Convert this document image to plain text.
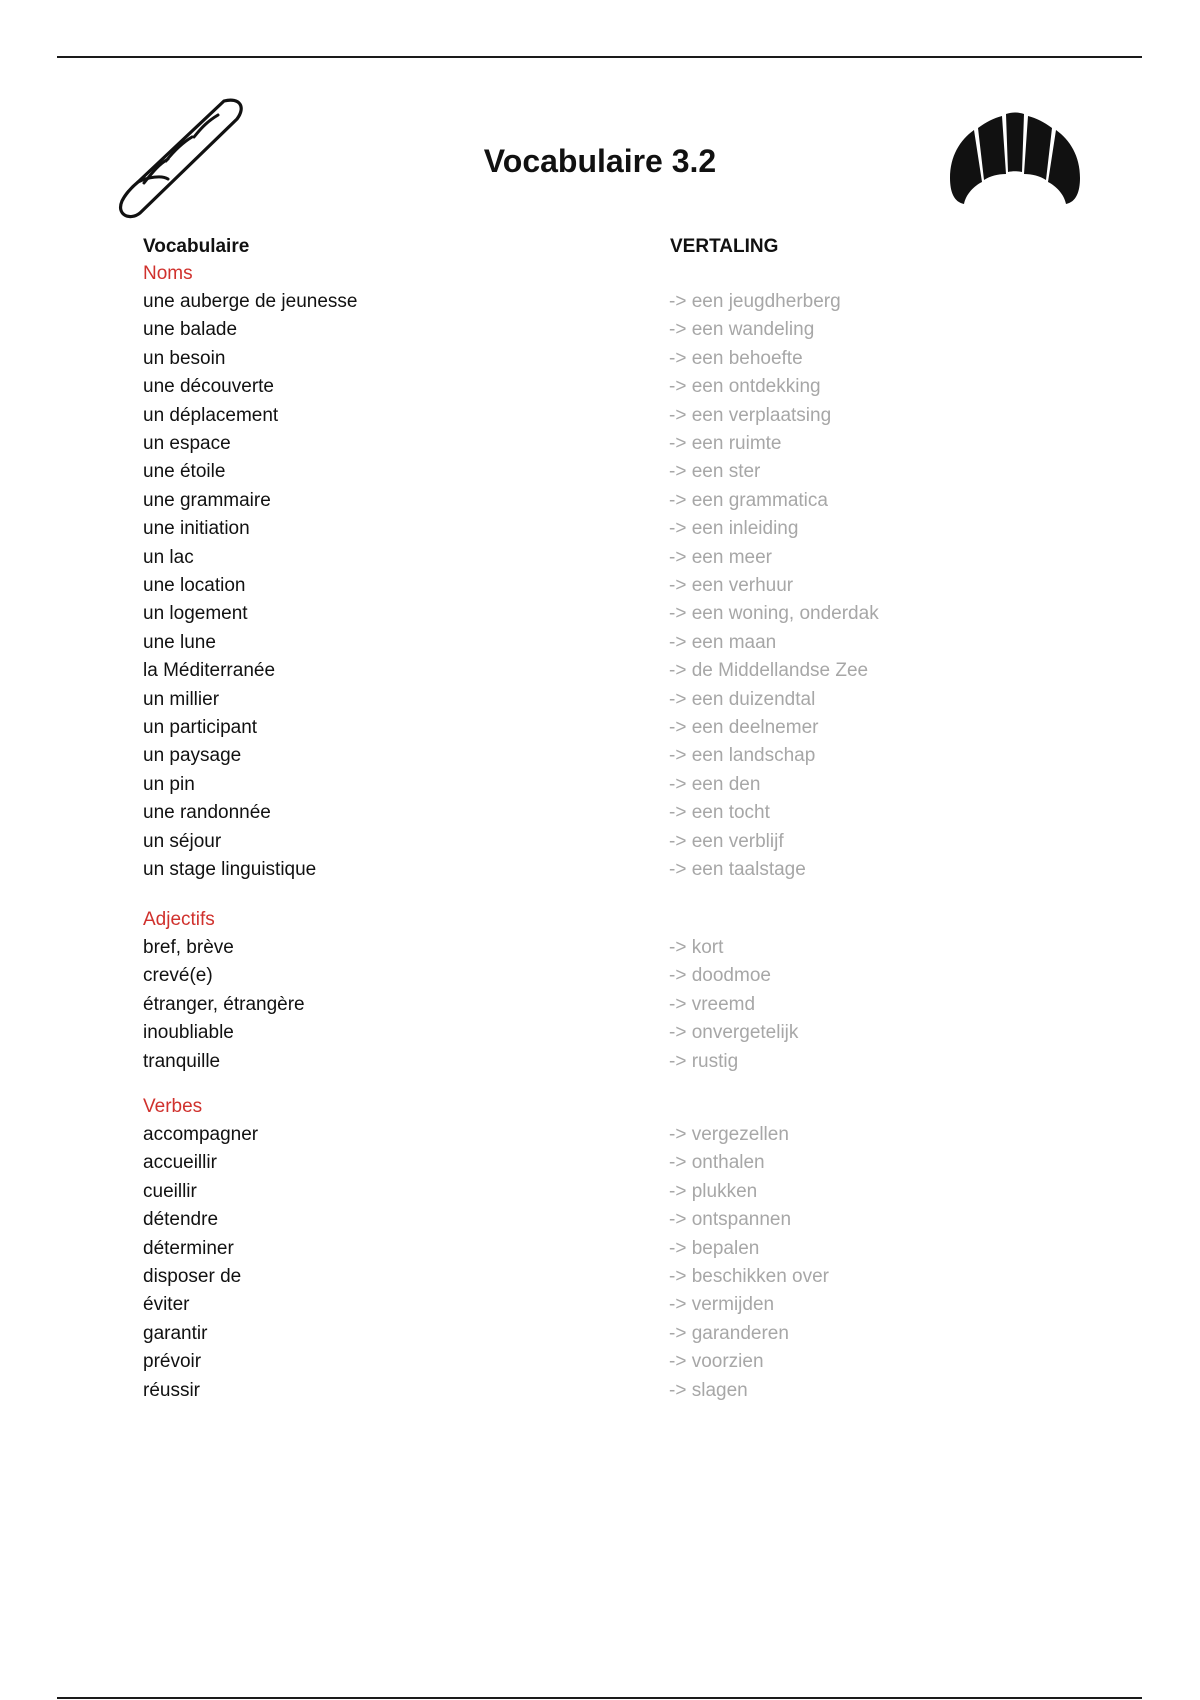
Vocabulaire 3.2
Vocabulaire	VERTALING
Noms
une auberge de jeunesse	-> een jeugdherberg
une balade	-> een wandeling
un besoin	-> een behoefte
une découverte	-> een ontdekking
un déplacement	-> een verplaatsing
un espace	-> een ruimte
une étoile	-> een ster
une grammaire	-> een grammatica
une initiation	-> een inleiding
un lac	-> een meer
une location	-> een verhuur
un logement	-> een woning, onderdak
une lune	-> een maan
la Méditerranée	-> de Middellandse Zee
un millier	-> een duizendtal
un participant	-> een deelnemer
un paysage	-> een landschap
un pin	-> een den
une randonnée	-> een tocht
un séjour	-> een verblijf
un stage linguistique	-> een taalstage
Adjectifs
bref, brève	-> kort
crevé(e)	-> doodmoe
étranger, étrangère	-> vreemd
inoubliable	-> onvergetelijk
tranquille	-> rustig
Verbes
accompagner	-> vergezellen
accueillir	-> onthalen
cueillir	-> plukken
détendre	-> ontspannen
déterminer	-> bepalen
disposer de	-> beschikken over
éviter	-> vermijden
garantir	-> garanderen
prévoir	-> voorzien
réussir	-> slagen
